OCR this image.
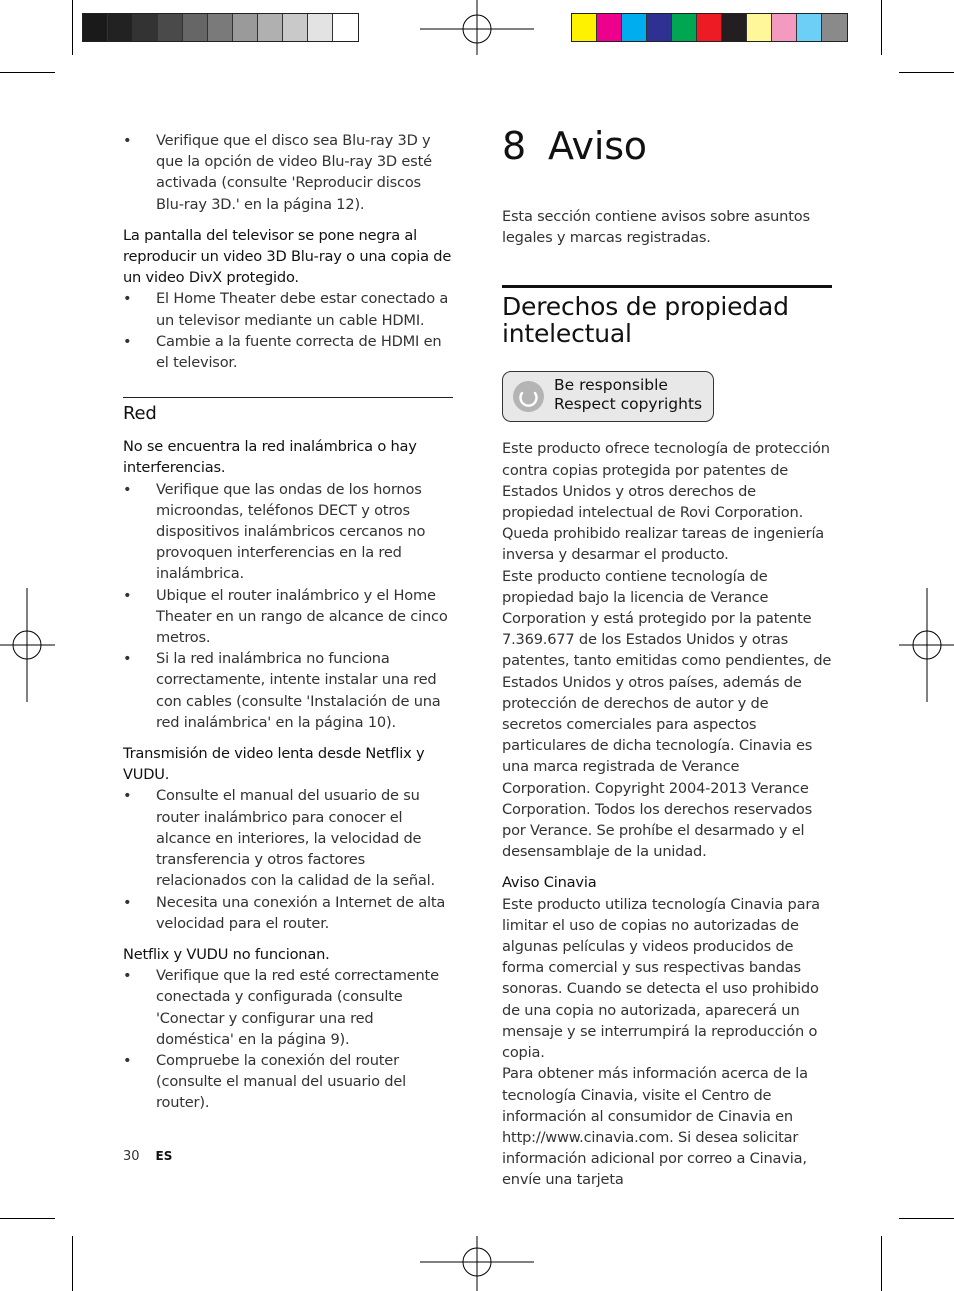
• Verifique que el disco sea Blu-ray 3D y que la opción de video Blu-ray 3D esté activada (consulte 'Reproducir discos Blu-ray 3D.' en la página 12).
La pantalla del televisor se pone negra al reproducir un video 3D Blu-ray o una copia de un video DivX protegido.
• El Home Theater debe estar conectado a un televisor mediante un cable HDMI.
• Cambie a la fuente correcta de HDMI en el televisor.
Red
No se encuentra la red inalámbrica o hay interferencias.
• Verifique que las ondas de los hornos microondas, teléfonos DECT y otros dispositivos inalámbricos cercanos no provoquen interferencias en la red inalámbrica.
• Ubique el router inalámbrico y el Home Theater en un rango de alcance de cinco metros.
• Si la red inalámbrica no funciona correctamente, intente instalar una red con cables (consulte 'Instalación de una red inalámbrica' en la página 10).
Transmisión de video lenta desde Netflix y VUDU.
• Consulte el manual del usuario de su router inalámbrico para conocer el alcance en interiores, la velocidad de transferencia y otros factores relacionados con la calidad de la señal.
• Necesita una conexión a Internet de alta velocidad para el router.
Netflix y VUDU no funcionan.
• Verifique que la red esté correctamente conectada y configurada (consulte 'Conectar y configurar una red doméstica' en la página 9).
• Compruebe la conexión del router (consulte el manual del usuario del router).
8 Aviso
Esta sección contiene avisos sobre asuntos legales y marcas registradas.
Derechos de propiedad intelectual
Be responsible
Respect copyrights
Este producto ofrece tecnología de protección contra copias protegida por patentes de Estados Unidos y otros derechos de propiedad intelectual de Rovi Corporation. Queda prohibido realizar tareas de ingeniería inversa y desarmar el producto.
Este producto contiene tecnología de propiedad bajo la licencia de Verance Corporation y está protegido por la patente 7.369.677 de los Estados Unidos y otras patentes, tanto emitidas como pendientes, de Estados Unidos y otros países, además de protección de derechos de autor y de secretos comerciales para aspectos particulares de dicha tecnología. Cinavia es una marca registrada de Verance Corporation. Copyright 2004-2013 Verance Corporation. Todos los derechos reservados por Verance. Se prohíbe el desarmado y el desensamblaje de la unidad.
Aviso Cinavia
Este producto utiliza tecnología Cinavia para limitar el uso de copias no autorizadas de algunas películas y videos producidos de forma comercial y sus respectivas bandas sonoras. Cuando se detecta el uso prohibido de una copia no autorizada, aparecerá un mensaje y se interrumpirá la reproducción o copia.
Para obtener más información acerca de la tecnología Cinavia, visite el Centro de información al consumidor de Cinavia en http://www.cinavia.com. Si desea solicitar información adicional por correo a Cinavia, envíe una tarjeta
30 ES
